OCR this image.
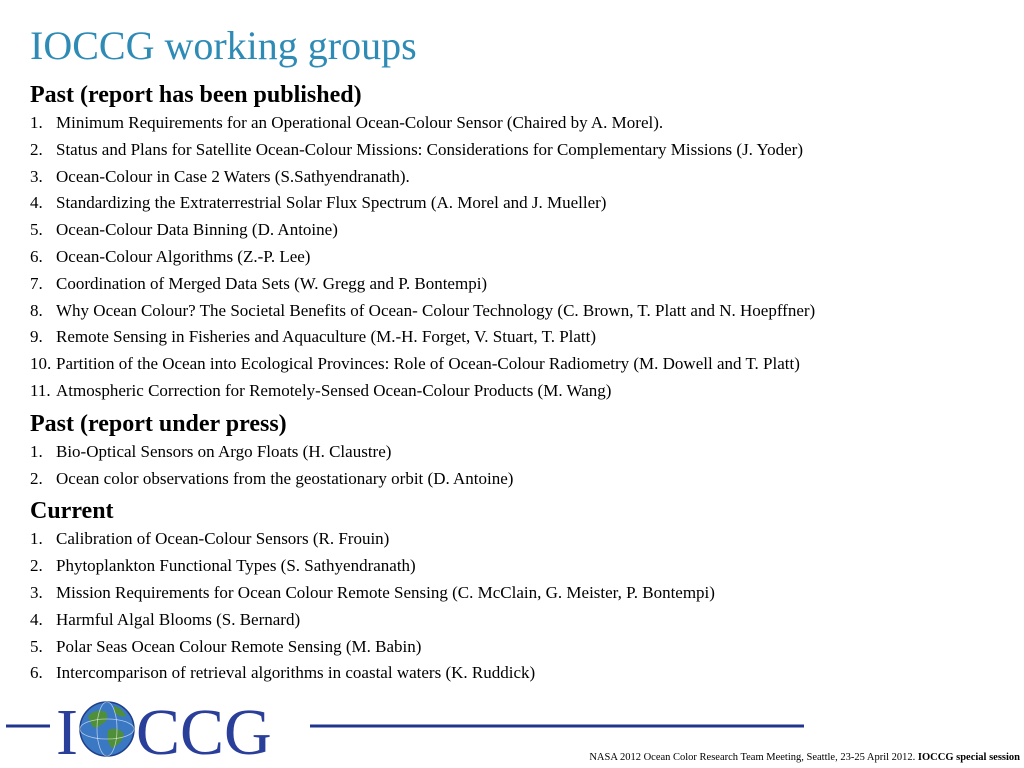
IOCCG working groups
Past (report has been published)
1. Minimum Requirements for an Operational Ocean-Colour Sensor (Chaired by A. Morel).
2. Status and Plans for Satellite Ocean-Colour Missions: Considerations for Complementary Missions (J. Yoder)
3. Ocean-Colour in Case 2 Waters (S.Sathyendranath).
4. Standardizing the Extraterrestrial Solar Flux Spectrum (A. Morel and J. Mueller)
5. Ocean-Colour Data Binning (D. Antoine)
6. Ocean-Colour Algorithms (Z.-P. Lee)
7. Coordination of Merged Data Sets (W. Gregg and P. Bontempi)
8. Why Ocean Colour? The Societal Benefits of Ocean- Colour Technology (C. Brown, T. Platt and N. Hoepffner)
9. Remote Sensing in Fisheries and Aquaculture (M.-H. Forget, V. Stuart, T. Platt)
10. Partition of the Ocean into Ecological Provinces: Role of Ocean-Colour Radiometry (M. Dowell and T. Platt)
11. Atmospheric Correction for Remotely-Sensed Ocean-Colour Products (M. Wang)
Past (report under press)
1. Bio-Optical Sensors on Argo Floats (H. Claustre)
2. Ocean color observations from the geostationary orbit (D. Antoine)
Current
1. Calibration of Ocean-Colour Sensors (R. Frouin)
2. Phytoplankton Functional Types (S. Sathyendranath)
3. Mission Requirements for Ocean Colour Remote Sensing (C. McClain, G. Meister, P. Bontempi)
4. Harmful Algal Blooms (S. Bernard)
5. Polar Seas Ocean Colour Remote Sensing (M. Babin)
6. Intercomparison of retrieval algorithms in coastal waters (K. Ruddick)
I CCG	NASA 2012 Ocean Color Research Team Meeting, Seattle, 23-25 April 2012. IOCCG special session
